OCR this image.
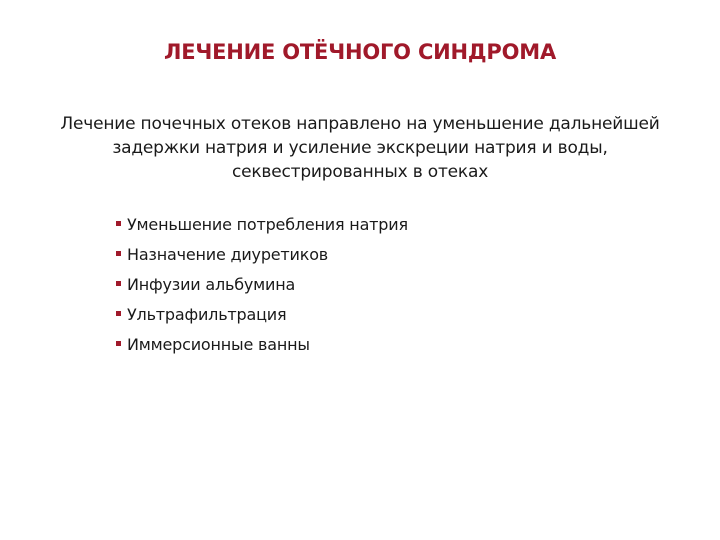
ЛЕЧЕНИЕ ОТЁЧНОГО СИНДРОМА
Лечение почечных отеков направлено на уменьшение дальнейшей задержки натрия и усиление экскреции натрия и воды, секвестрированных в отеках
Уменьшение потребления натрия
Назначение диуретиков
Инфузии альбумина
Ультрафильтрация
Иммерсионные ванны
